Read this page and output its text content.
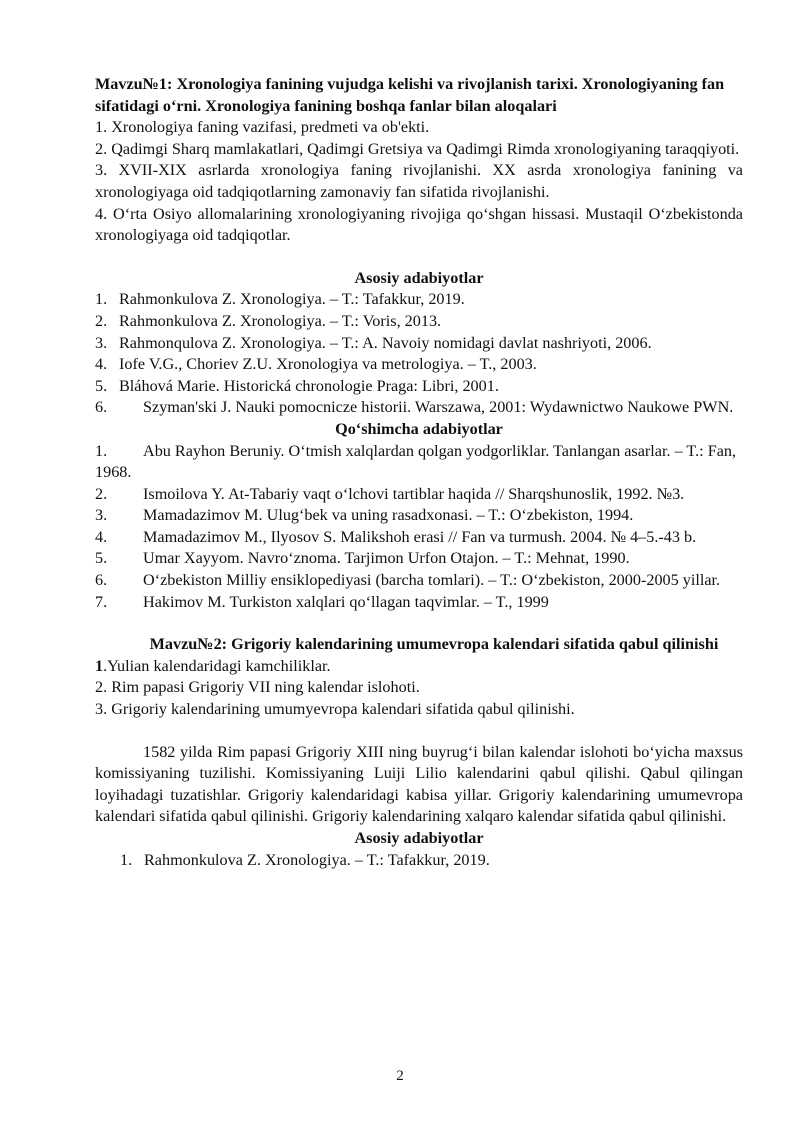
Mavzu№1: Xronologiya fanining vujudga kelishi va rivojlanish tarixi. Xronologiyaning fan sifatidagi o‘rni. Xronologiya fanining boshqa fanlar bilan aloqalari

1. Xronologiya faning vazifasi, predmeti va ob'ekti.

2. Qadimgi Sharq mamlakatlari, Qadimgi Gretsiya va Qadimgi Rimda xronologiyaning taraqqiyoti.

3. XVII-XIX asrlarda xronologiya faning rivojlanishi. XX asrda xronologiya fanining va xronologiyaga oid tadqiqotlarning zamonaviy fan sifatida rivojlanishi.

4. O‘rta Osiyo allomalarining xronologiyaning rivojiga qo‘shgan hissasi. Mustaqil O‘zbekistonda xronologiyaga oid tadqiqotlar.

Asosiy adabiyotlar

1. Rahmonkulova Z. Xronologiya. – T.: Tafakkur, 2019.

2. Rahmonkulova Z. Xronologiya. – T.: Voris, 2013.

3. Rahmonqulova Z. Xronologiya. – T.: A. Navoiy nomidagi davlat nashriyoti, 2006.

4. Iofe V.G., Choriev Z.U. Xronologiya va metrologiya. – T., 2003.

5. Bláhová Marie. Historická chronologie Praga: Libri, 2001.

6. Szyman'ski J. Nauki pomocnicze historii. Warszawa, 2001: Wydawnictwo Naukowe PWN.

Qo‘shimcha adabiyotlar

1. Abu Rayhon Beruniy. O‘tmish xalqlardan qolgan yodgorliklar. Tanlangan asarlar. – T.: Fan, 1968.

2. Ismoilova Y. At-Tabariy vaqt o‘lchovi tartiblar haqida // Sharqshunoslik, 1992. №3.

3. Mamadazimov M. Ulug‘bek va uning rasadxonasi. – T.: O‘zbekiston, 1994.

4. Mamadazimov M., Ilyosov S. Malikshoh erasi // Fan va turmush. 2004. № 4–5.-43 b.

5. Umar Xayyom. Navro‘znoma. Tarjimon Urfon Otajon. – T.: Mehnat, 1990.

6. O‘zbekiston Milliy ensiklopediyasi (barcha tomlari). – T.: O‘zbekiston, 2000-2005 yillar.

7. Hakimov M. Turkiston xalqlari qo‘llagan taqvimlar. – T., 1999

Mavzu№2: Grigoriy kalendarining umumevropa kalendari sifatida qabul qilinishi

1.Yulian kalendaridagi kamchiliklar.

2. Rim papasi Grigoriy VII ning kalendar islohoti.

3. Grigoriy kalendarining umumyevropa kalendari sifatida qabul qilinishi.

1582 yilda Rim papasi Grigoriy XIII ning buyrug‘i bilan kalendar islohoti bo‘yicha maxsus komissiyaning tuzilishi. Komissiyaning Luiji Lilio kalendarini qabul qilishi. Qabul qilingan loyihadagi tuzatishlar. Grigoriy kalendaridagi kabisa yillar. Grigoriy kalendarining umumevropa kalendari sifatida qabul qilinishi. Grigoriy kalendarining xalqaro kalendar sifatida qabul qilinishi.

Asosiy adabiyotlar

1. Rahmonkulova Z. Xronologiya. – T.: Tafakkur, 2019.

2
